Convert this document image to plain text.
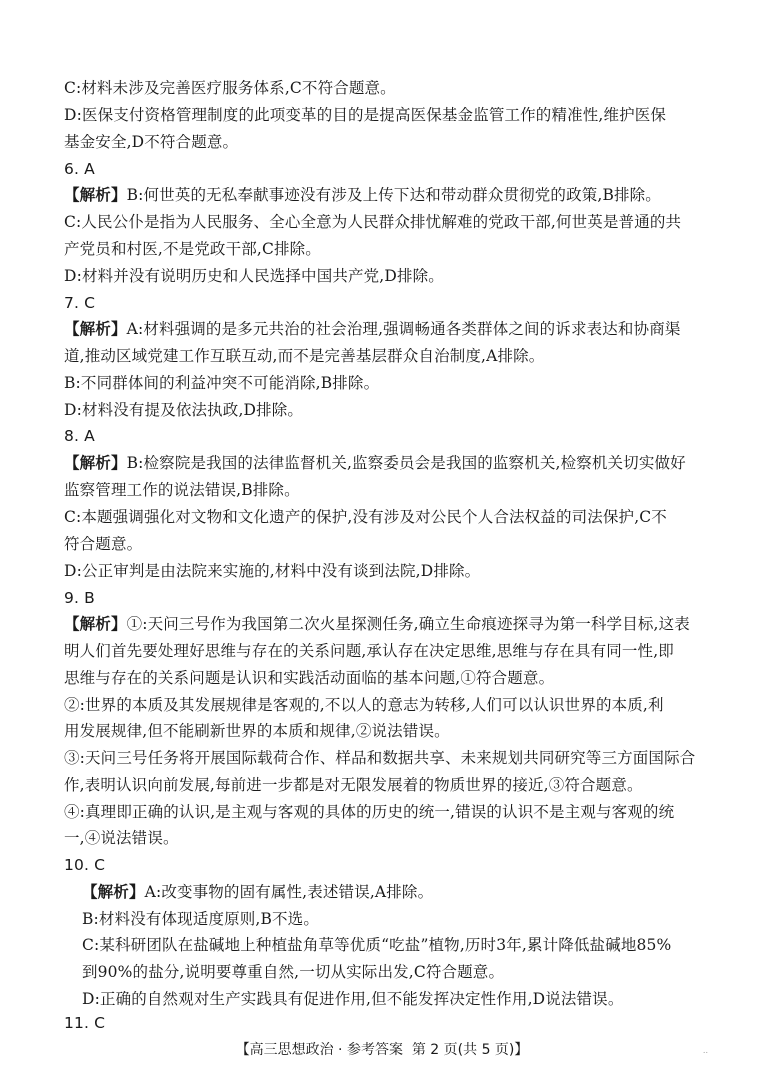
C:材料未涉及完善医疗服务体系,C不符合题意。
D:医保支付资格管理制度的此项变革的目的是提高医保基金监管工作的精准性,维护医保
基金安全,D不符合题意。
6. A
【解析】B:何世英的无私奉献事迹没有涉及上传下达和带动群众贯彻党的政策,B排除。
C:人民公仆是指为人民服务、全心全意为人民群众排忧解难的党政干部,何世英是普通的共
产党员和村医,不是党政干部,C排除。
D:材料并没有说明历史和人民选择中国共产党,D排除。
7. C
【解析】A:材料强调的是多元共治的社会治理,强调畅通各类群体之间的诉求表达和协商渠
道,推动区域党建工作互联互动,而不是完善基层群众自治制度,A排除。
B:不同群体间的利益冲突不可能消除,B排除。
D:材料没有提及依法执政,D排除。
8. A
【解析】B:检察院是我国的法律监督机关,监察委员会是我国的监察机关,检察机关切实做好
监察管理工作的说法错误,B排除。
C:本题强调强化对文物和文化遗产的保护,没有涉及对公民个人合法权益的司法保护,C不
符合题意。
D:公正审判是由法院来实施的,材料中没有谈到法院,D排除。
9. B
【解析】①:天问三号作为我国第二次火星探测任务,确立生命痕迹探寻为第一科学目标,这表
明人们首先要处理好思维与存在的关系问题,承认存在决定思维,思维与存在具有同一性,即
思维与存在的关系问题是认识和实践活动面临的基本问题,①符合题意。
②:世界的本质及其发展规律是客观的,不以人的意志为转移,人们可以认识世界的本质,利
用发展规律,但不能刷新世界的本质和规律,②说法错误。
③:天问三号任务将开展国际载荷合作、样品和数据共享、未来规划共同研究等三方面国际合
作,表明认识向前发展,每前进一步都是对无限发展着的物质世界的接近,③符合题意。
④:真理即正确的认识,是主观与客观的具体的历史的统一,错误的认识不是主观与客观的统
一,④说法错误。
10. C
【解析】A:改变事物的固有属性,表述错误,A排除。
B:材料没有体现适度原则,B不选。
C:某科研团队在盐碱地上种植盐角草等优质“吃盐”植物,历时3年,累计降低盐碱地85%
到90%的盐分,说明要尊重自然,一切从实际出发,C符合题意。
D:正确的自然观对生产实践具有促进作用,但不能发挥决定性作用,D说法错误。
11. C
【高三思想政治 · 参考答案 第 2 页(共 5 页)】	..
